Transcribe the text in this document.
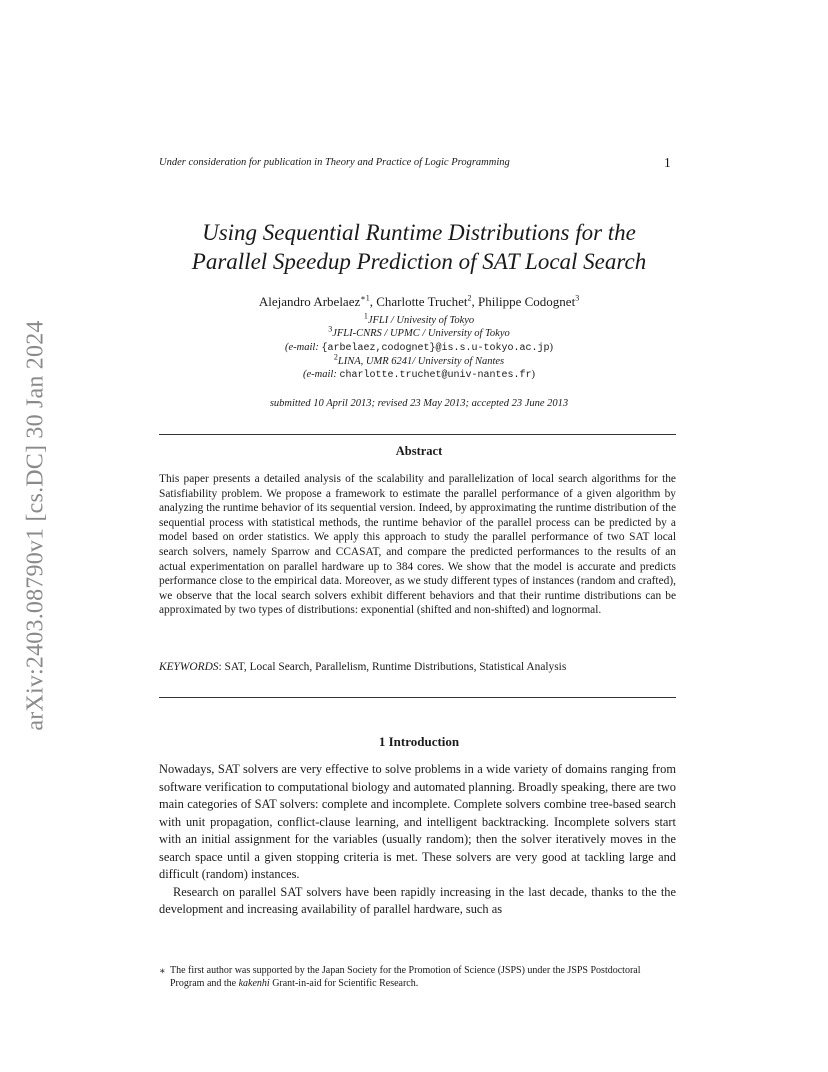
arXiv:2403.08790v1 [cs.DC] 30 Jan 2024
Under consideration for publication in Theory and Practice of Logic Programming	1
Using Sequential Runtime Distributions for the
Parallel Speedup Prediction of SAT Local Search
Alejandro Arbelaez$^{∗1}$, Charlotte Truchet$^2$, Philippe Codognet$^3$
$^1$JFLI / Univesity of Tokyo
$^3$JFLI-CNRS / UPMC / University of Tokyo
(e-mail: {arbelaez,codognet}@is.s.u-tokyo.ac.jp)
$^2$LINA, UMR 6241/ University of Nantes
(e-mail: charlotte.truchet@univ-nantes.fr)
submitted 10 April 2013; revised 23 May 2013; accepted 23 June 2013
Abstract

This paper presents a detailed analysis of the scalability and parallelization of local search algorithms for the Satisfiability problem. We propose a framework to estimate the parallel performance of a given algorithm by analyzing the runtime behavior of its sequential version. Indeed, by approximating the runtime distribution of the sequential process with statistical methods, the runtime behavior of the parallel process can be predicted by a model based on order statistics. We apply this approach to study the parallel performance of two SAT local search solvers, namely Sparrow and CCASAT, and compare the predicted performances to the results of an actual experimentation on parallel hardware up to 384 cores. We show that the model is accurate and predicts performance close to the empirical data. Moreover, as we study different types of instances (random and crafted), we observe that the local search solvers exhibit different behaviors and that their runtime distributions can be approximated by two types of distributions: exponential (shifted and non-shifted) and lognormal.

KEYWORDS: SAT, Local Search, Parallelism, Runtime Distributions, Statistical Analysis
1 Introduction

Nowadays, SAT solvers are very effective to solve problems in a wide variety of domains ranging from software verification to computational biology and automated planning. Broadly speaking, there are two main categories of SAT solvers: complete and incomplete. Complete solvers combine tree-based search with unit propagation, conflict-clause learning, and intelligent backtracking. Incomplete solvers start with an initial assignment for the variables (usually random); then the solver iteratively moves in the search space until a given stopping criteria is met. These solvers are very good at tackling large and difficult (random) instances.

Research on parallel SAT solvers have been rapidly increasing in the last decade, thanks to the the development and increasing availability of parallel hardware, such as

∗ The first author was supported by the Japan Society for the Promotion of Science (JSPS) under the JSPS Postdoctoral Program and the kakenhi Grant-in-aid for Scientific Research.
